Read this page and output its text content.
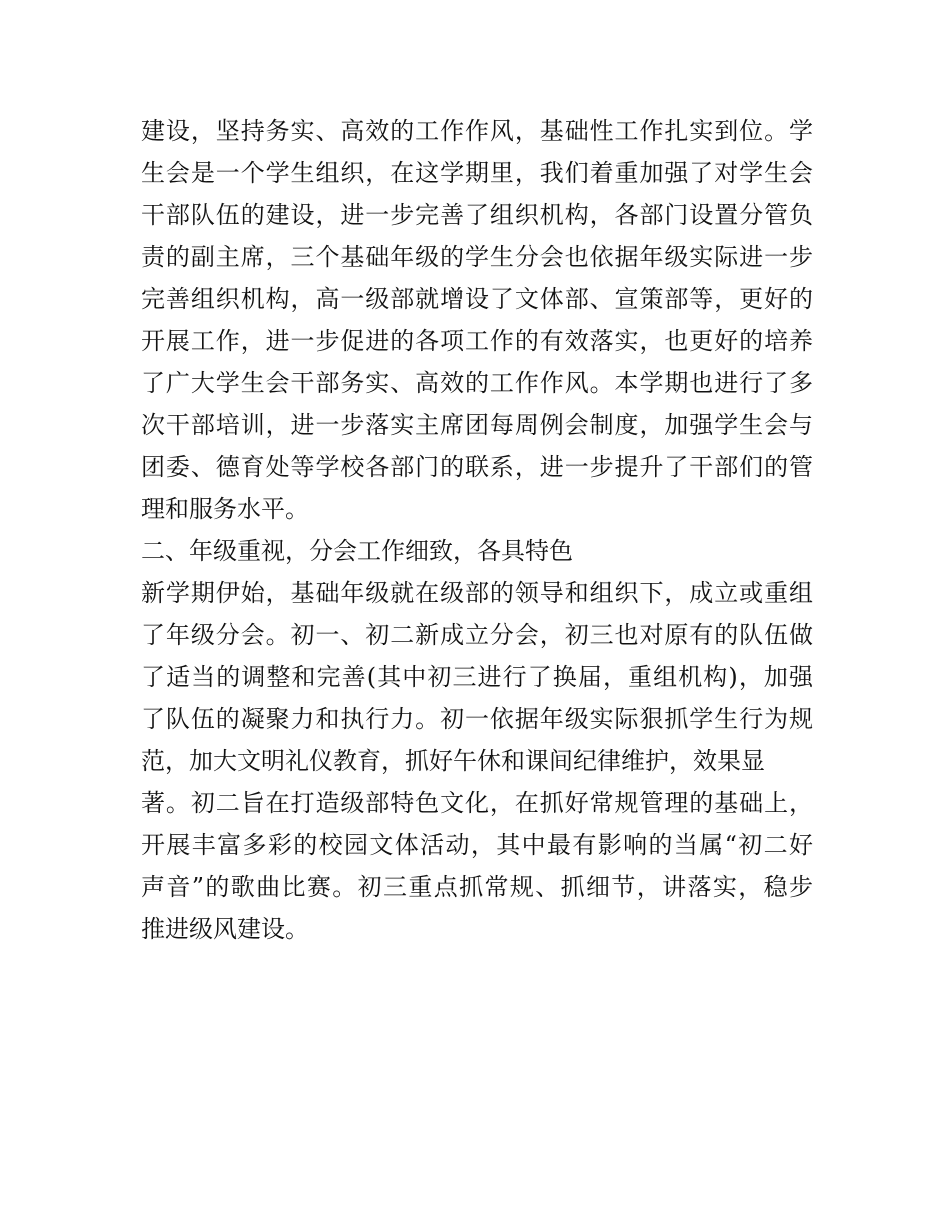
建设，坚持务实、高效的工作作风，基础性工作扎实到位。学
生会是一个学生组织，在这学期里，我们着重加强了对学生会
干部队伍的建设，进一步完善了组织机构，各部门设置分管负
责的副主席，三个基础年级的学生分会也依据年级实际进一步
完善组织机构，高一级部就增设了文体部、宣策部等，更好的
开展工作，进一步促进的各项工作的有效落实，也更好的培养
了广大学生会干部务实、高效的工作作风。本学期也进行了多
次干部培训，进一步落实主席团每周例会制度，加强学生会与
团委、德育处等学校各部门的联系，进一步提升了干部们的管
理和服务水平。
二、年级重视，分会工作细致，各具特色
新学期伊始，基础年级就在级部的领导和组织下，成立或重组
了年级分会。初一、初二新成立分会，初三也对原有的队伍做
了适当的调整和完善(其中初三进行了换届，重组机构)，加强
了队伍的凝聚力和执行力。初一依据年级实际狠抓学生行为规
范，加大文明礼仪教育，抓好午休和课间纪律维护，效果显
著。初二旨在打造级部特色文化，在抓好常规管理的基础上，
开展丰富多彩的校园文体活动，其中最有影响的当属“初二好
声音”的歌曲比赛。初三重点抓常规、抓细节，讲落实，稳步
推进级风建设。
